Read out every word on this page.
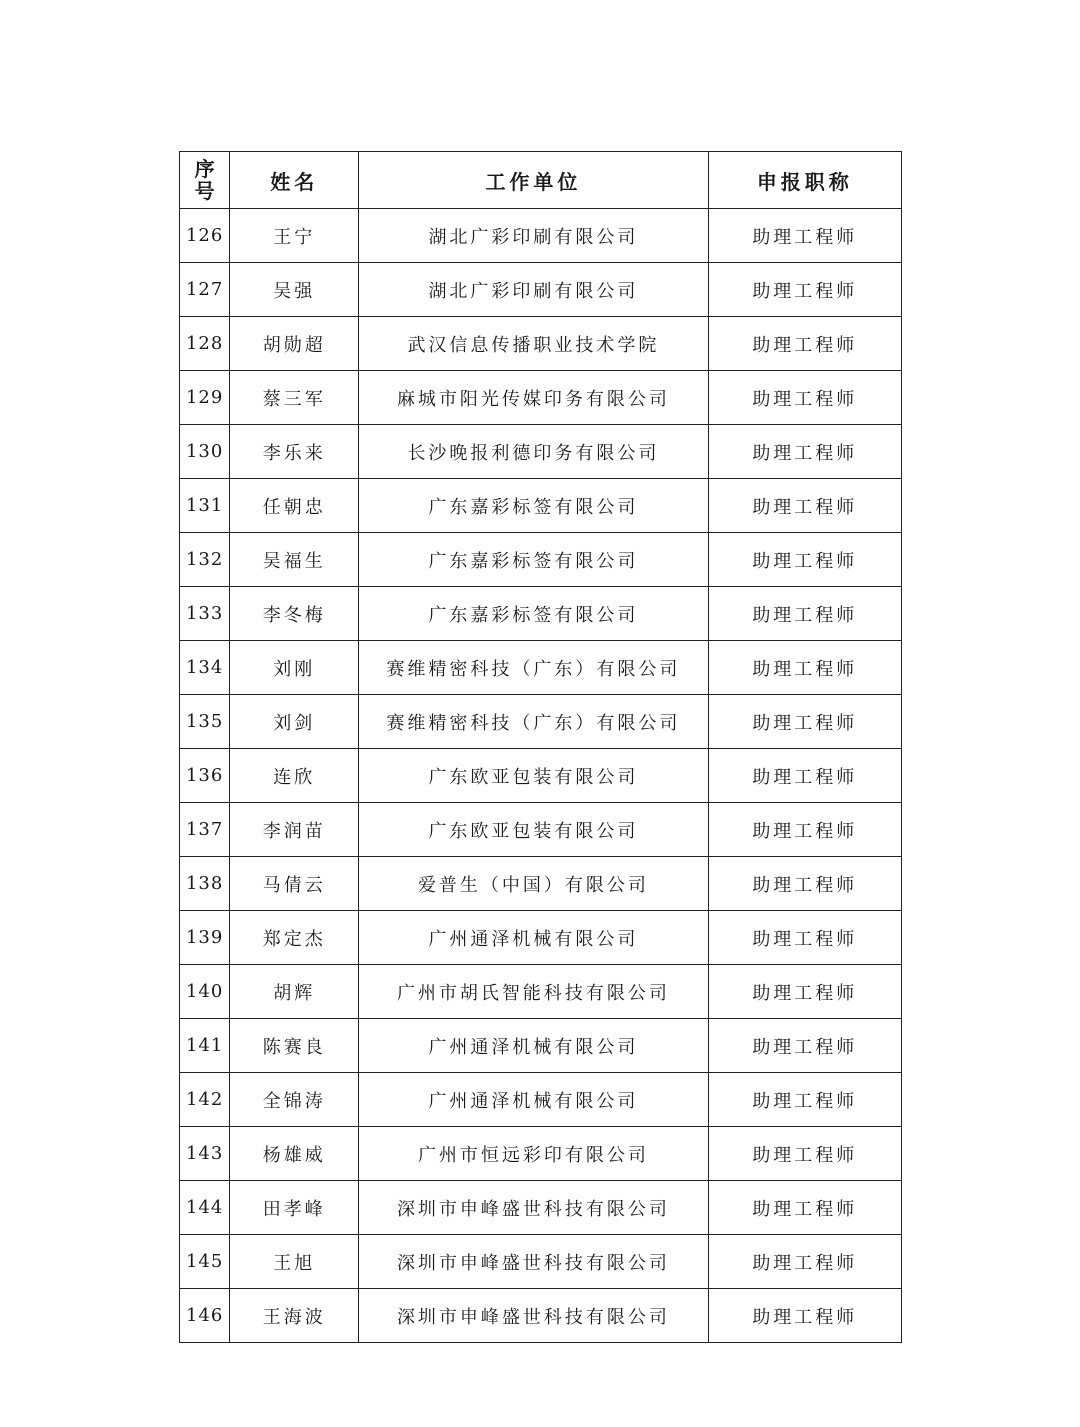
序号	姓名	工作单位	申报职称
126	王宁	湖北广彩印刷有限公司	助理工程师
127	吴强	湖北广彩印刷有限公司	助理工程师
128	胡勋超	武汉信息传播职业技术学院	助理工程师
129	蔡三军	麻城市阳光传媒印务有限公司	助理工程师
130	李乐来	长沙晚报利德印务有限公司	助理工程师
131	任朝忠	广东嘉彩标签有限公司	助理工程师
132	吴福生	广东嘉彩标签有限公司	助理工程师
133	李冬梅	广东嘉彩标签有限公司	助理工程师
134	刘刚	赛维精密科技（广东）有限公司	助理工程师
135	刘剑	赛维精密科技（广东）有限公司	助理工程师
136	连欣	广东欧亚包装有限公司	助理工程师
137	李润苗	广东欧亚包装有限公司	助理工程师
138	马倩云	爱普生（中国）有限公司	助理工程师
139	郑定杰	广州通泽机械有限公司	助理工程师
140	胡辉	广州市胡氏智能科技有限公司	助理工程师
141	陈赛良	广州通泽机械有限公司	助理工程师
142	全锦涛	广州通泽机械有限公司	助理工程师
143	杨雄威	广州市恒远彩印有限公司	助理工程师
144	田孝峰	深圳市申峰盛世科技有限公司	助理工程师
145	王旭	深圳市申峰盛世科技有限公司	助理工程师
146	王海波	深圳市申峰盛世科技有限公司	助理工程师
